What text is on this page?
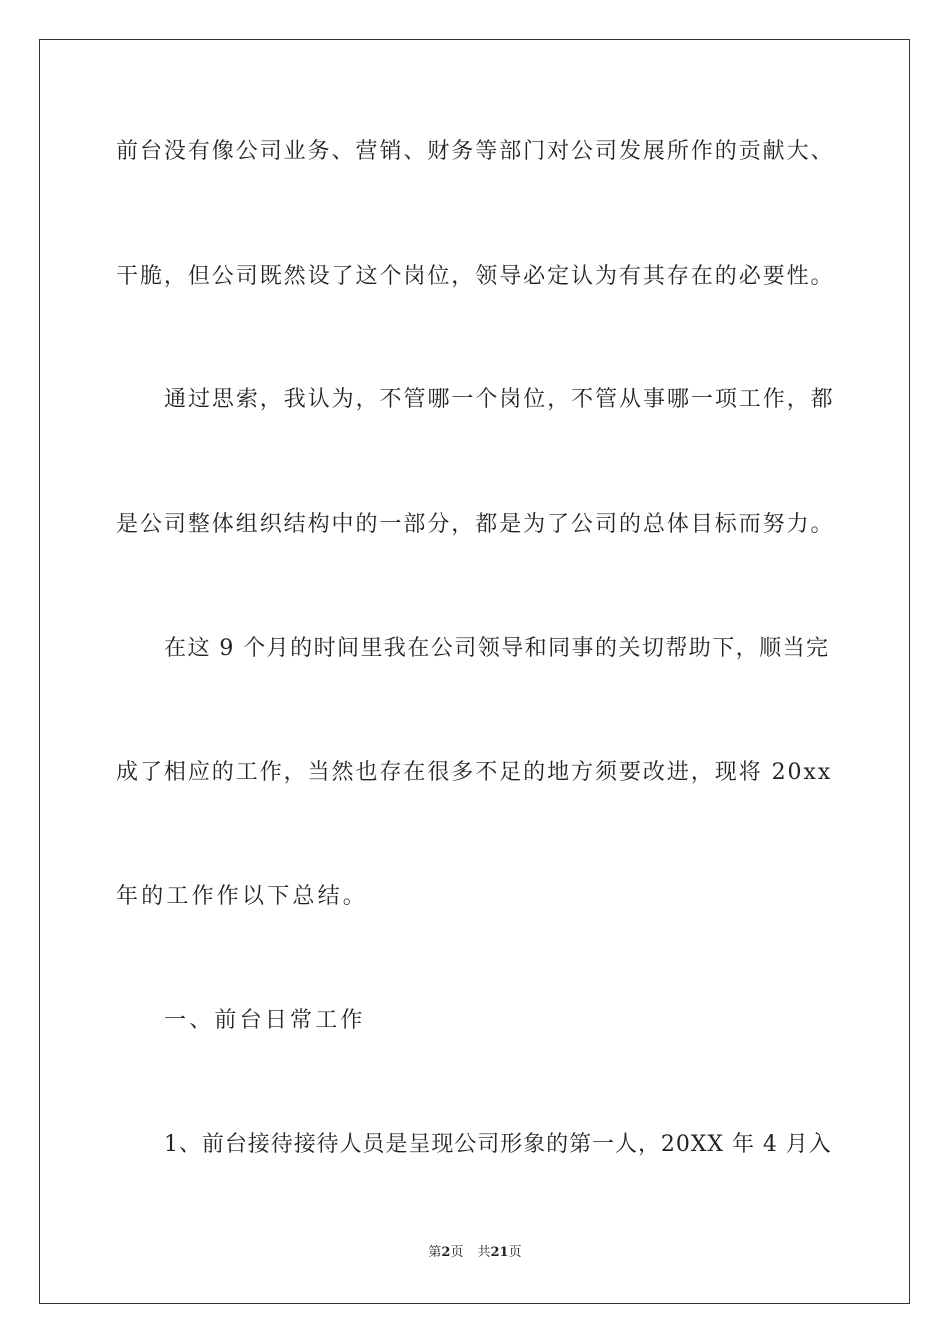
前台没有像公司业务、营销、财务等部门对公司发展所作的贡献大、
干脆，但公司既然设了这个岗位，领导必定认为有其存在的必要性。
通过思索，我认为，不管哪一个岗位，不管从事哪一项工作，都
是公司整体组织结构中的一部分，都是为了公司的总体目标而努力。
在这 9 个月的时间里我在公司领导和同事的关切帮助下，顺当完
成了相应的工作，当然也存在很多不足的地方须要改进，现将 20xx
年的工作作以下总结。
一、前台日常工作
1、前台接待接待人员是呈现公司形象的第一人，20XX 年 4 月入
第2页 共21页
